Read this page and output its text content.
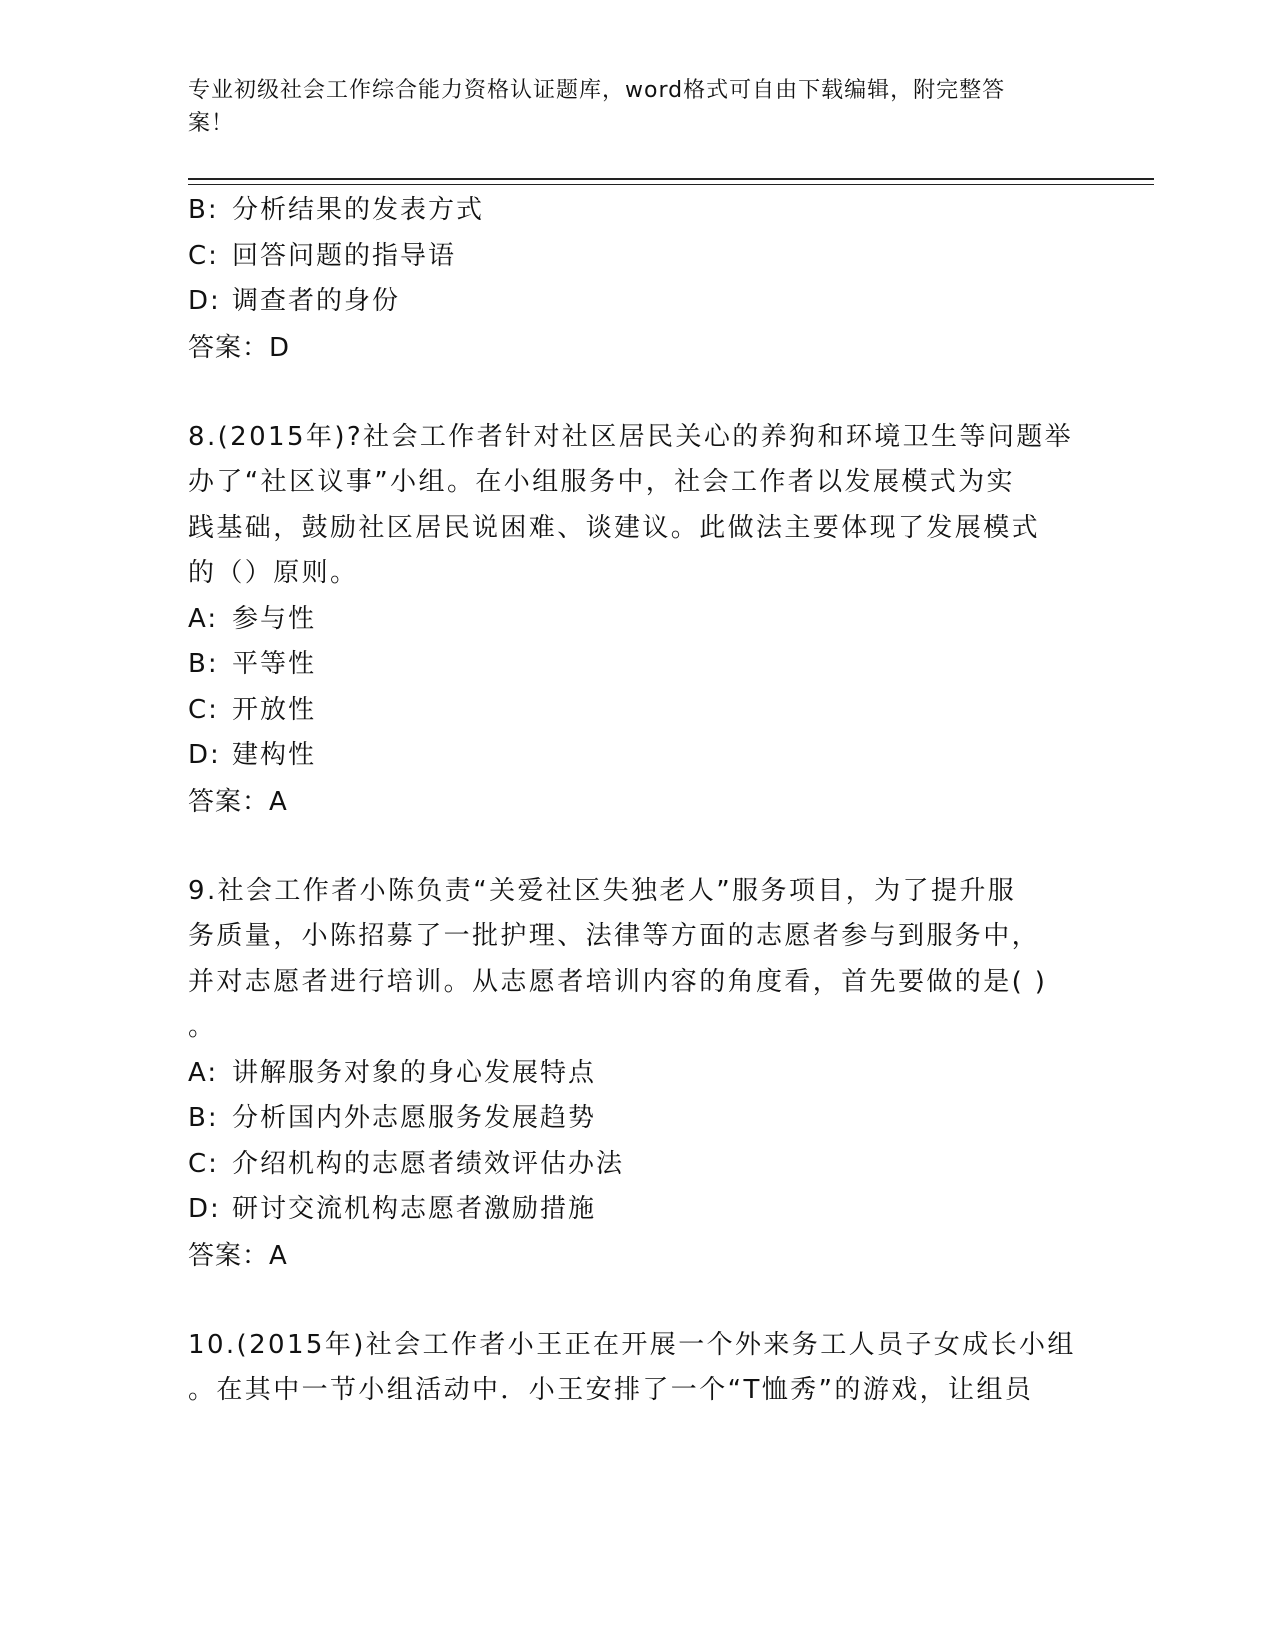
专业初级社会工作综合能力资格认证题库，word格式可自由下载编辑，附完整答
案！
B: 分析结果的发表方式
C: 回答问题的指导语
D: 调查者的身份
答案：D
8.(2015年)?社会工作者针对社区居民关心的养狗和环境卫生等问题举
办了“社区议事”小组。在小组服务中，社会工作者以发展模式为实
践基础，鼓励社区居民说困难、谈建议。此做法主要体现了发展模式
的（）原则。
A: 参与性
B: 平等性
C: 开放性
D: 建构性
答案：A
9.社会工作者小陈负责“关爱社区失独老人”服务项目，为了提升服
务质量，小陈招募了一批护理、法律等方面的志愿者参与到服务中，
并对志愿者进行培训。从志愿者培训内容的角度看，首先要做的是( )
。
A: 讲解服务对象的身心发展特点
B: 分析国内外志愿服务发展趋势
C: 介绍机构的志愿者绩效评估办法
D: 研讨交流机构志愿者激励措施
答案：A
10.(2015年)社会工作者小王正在开展一个外来务工人员子女成长小组
。在其中一节小组活动中．小王安排了一个“T恤秀”的游戏，让组员
